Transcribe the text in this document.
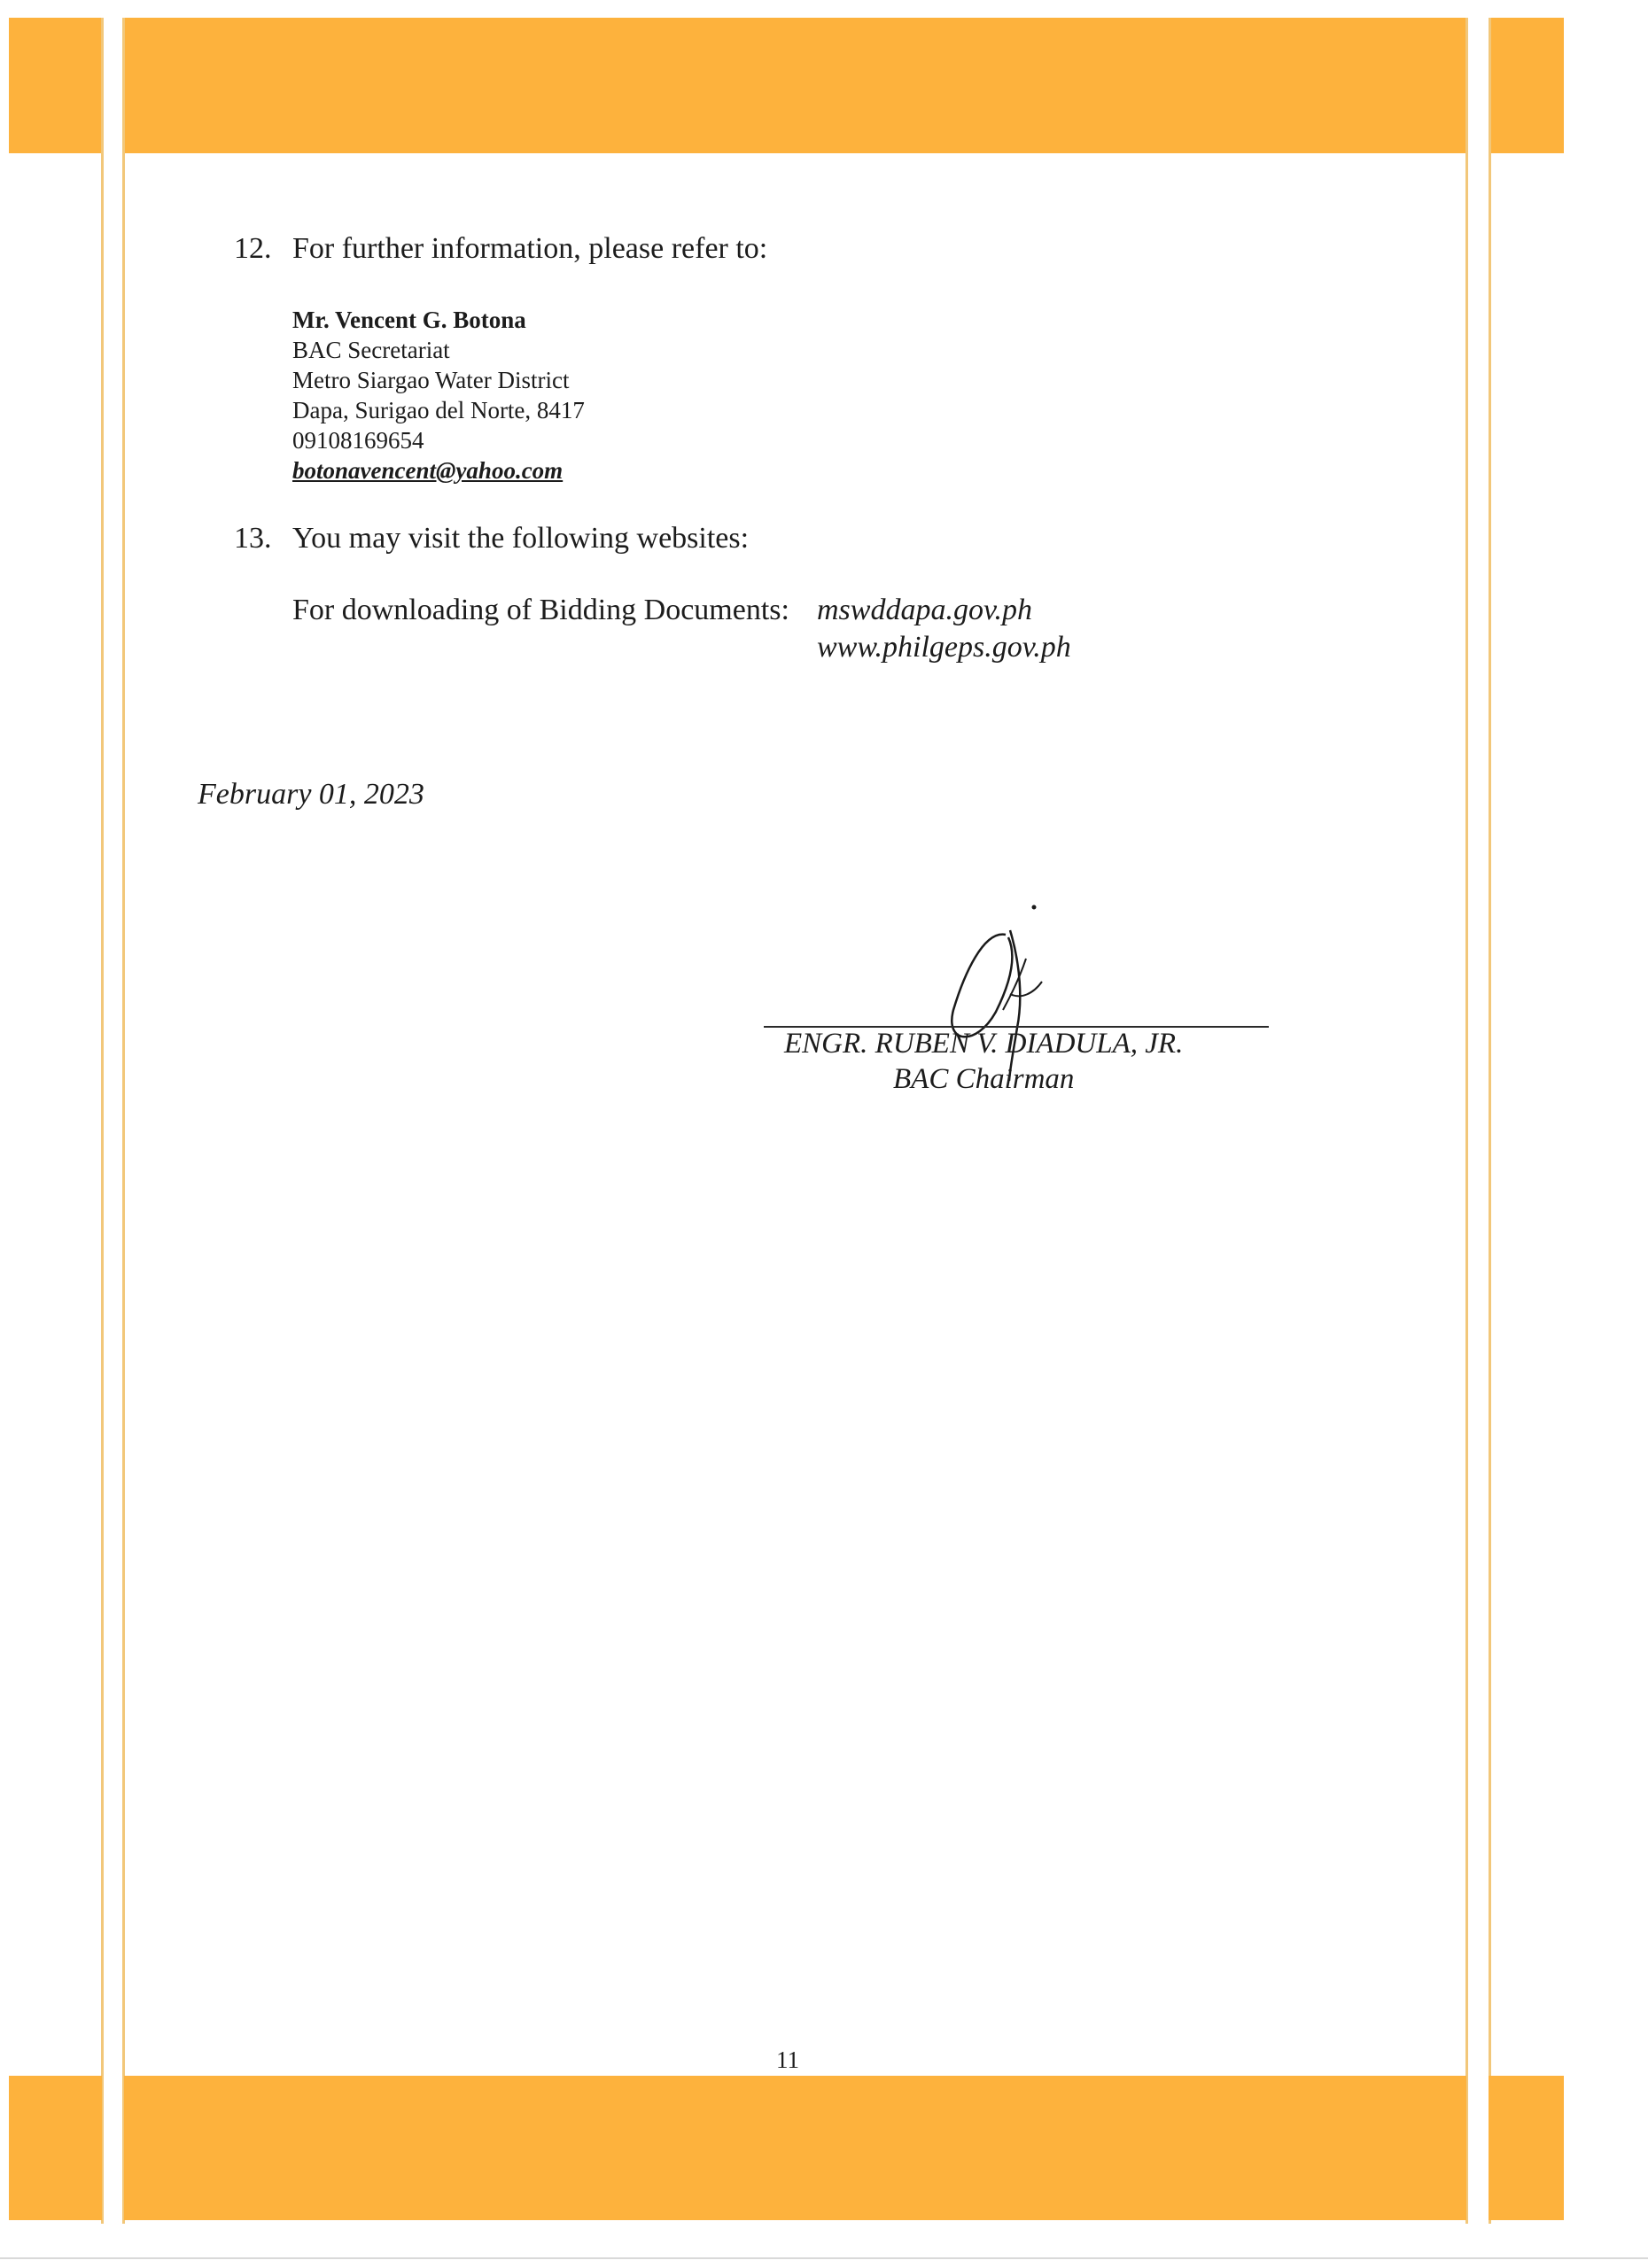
12. For further information, please refer to:
Mr. Vencent G. Botona
BAC Secretariat
Metro Siargao Water District
Dapa, Surigao del Norte, 8417
09108169654
botonavencent@yahoo.com
13. You may visit the following websites:
For downloading of Bidding Documents: mswddapa.gov.ph
www.philgeps.gov.ph
February 01, 2023
ENGR. RUBEN V. DIADULA, JR.
BAC Chairman
11
